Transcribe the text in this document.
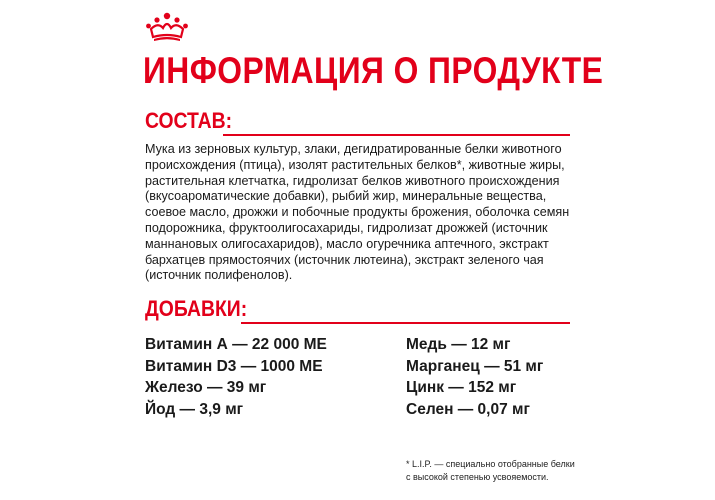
ИНФОРМАЦИЯ О ПРОДУКТЕ
СОСТАВ:

Мука из зерновых культур, злаки, дегидратированные белки животного происхождения (птица), изолят растительных белков*, животные жиры, растительная клетчатка, гидролизат белков животного происхождения (вкусоароматические добавки), рыбий жир, минеральные вещества, соевое масло, дрожжи и побочные продукты брожения, оболочка семян подорожника, фруктоолигосахариды, гидролизат дрожжей (источник маннановых олигосахаридов), масло огуречника аптечного, экстракт бархатцев прямостоячих (источник лютеина), экстракт зеленого чая (источник полифенолов).

ДОБАВКИ:
Витамин А — 22 000 МЕ
Витамин D3 — 1000 МЕ
Железо — 39 мг
Йод — 3,9 мг
Медь — 12 мг
Марганец — 51 мг
Цинк — 152 мг
Селен — 0,07 мг

* L.I.P. — специально отобранные белки
с высокой степенью усвояемости.
